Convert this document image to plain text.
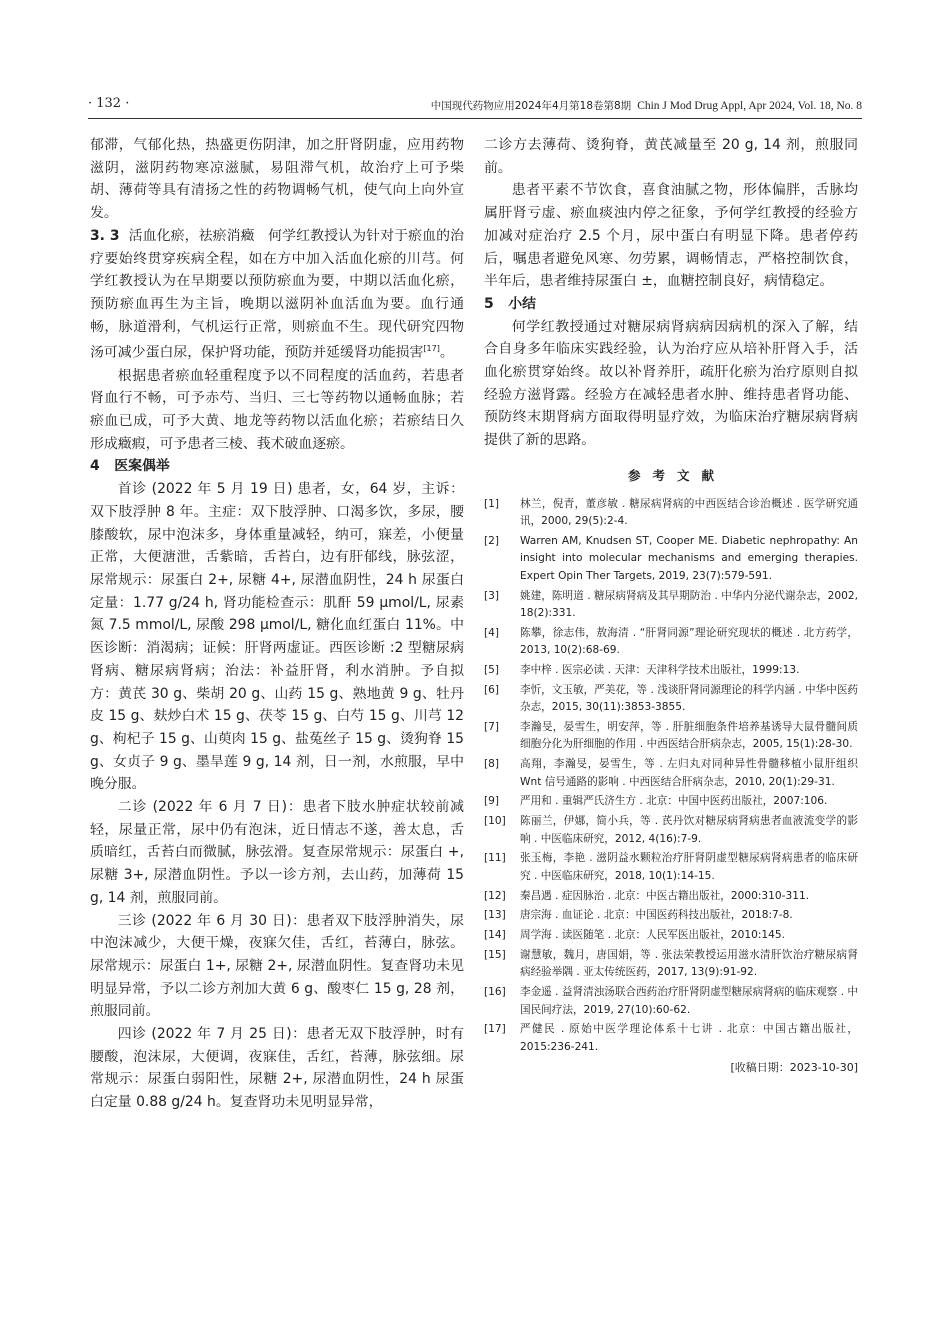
· 132 ·	中国现代药物应用2024年4月第18卷第8期 Chin J Mod Drug Appl, Apr 2024, Vol. 18, No. 8

郁滞，气郁化热，热盛更伤阴津，加之肝肾阴虚，应用药物滋阴，滋阴药物寒凉滋腻，易阻滞气机，故治疗上可予柴胡、薄荷等具有清扬之性的药物调畅气机，使气向上向外宣发。

3. 3 活血化瘀，祛瘀消癥 何学红教授认为针对于瘀血的治疗要始终贯穿疾病全程，如在方中加入活血化瘀的川芎。何学红教授认为在早期要以预防瘀血为要，中期以活血化瘀，预防瘀血再生为主旨，晚期以滋阴补血活血为要。血行通畅，脉道滑利，气机运行正常，则瘀血不生。现代研究四物汤可减少蛋白尿，保护肾功能，预防并延缓肾功能损害[17]。

根据患者瘀血轻重程度予以不同程度的活血药，若患者肾血行不畅，可予赤芍、当归、三七等药物以通畅血脉；若瘀血已成，可予大黄、地龙等药物以活血化瘀；若瘀结日久形成癥瘕，可予患者三棱、莪术破血逐瘀。

4 医案偶举

首诊 (2022 年 5 月 19 日) 患者，女，64 岁，主诉：双下肢浮肿 8 年。主症：双下肢浮肿、口渴多饮，多尿，腰膝酸软，尿中泡沫多，身体重量减轻，纳可，寐差，小便量正常，大便溏泄，舌紫暗，舌苔白，边有肝郁线，脉弦涩，尿常规示：尿蛋白 2+, 尿糖 4+, 尿潜血阴性，24 h 尿蛋白定量：1.77 g/24 h, 肾功能检查示：肌酐 59 μmol/L, 尿素氮 7.5 mmol/L, 尿酸 298 μmol/L, 糖化血红蛋白 11%。中医诊断：消渴病；证候：肝肾两虚证。西医诊断 :2 型糖尿病肾病、糖尿病肾病；治法：补益肝肾，利水消肿。予自拟方：黄芪 30 g、柴胡 20 g、山药 15 g、熟地黄 9 g、牡丹皮 15 g、麸炒白术 15 g、茯苓 15 g、白芍 15 g、川芎 12 g、枸杞子 15 g、山萸肉 15 g、盐菟丝子 15 g、烫狗脊 15 g、女贞子 9 g、墨旱莲 9 g, 14 剂，日一剂，水煎服，早中晚分服。

二诊 (2022 年 6 月 7 日)：患者下肢水肿症状较前减轻，尿量正常，尿中仍有泡沫，近日情志不遂，善太息，舌质暗红，舌苔白而微腻，脉弦滑。复查尿常规示：尿蛋白 +, 尿糖 3+, 尿潜血阴性。予以一诊方剂，去山药，加薄荷 15 g, 14 剂，煎服同前。

三诊 (2022 年 6 月 30 日)：患者双下肢浮肿消失，尿中泡沫减少，大便干燥，夜寐欠佳，舌红，苔薄白，脉弦。尿常规示：尿蛋白 1+, 尿糖 2+, 尿潜血阴性。复查肾功未见明显异常，予以二诊方剂加大黄 6 g、酸枣仁 15 g, 28 剂，煎服同前。

四诊 (2022 年 7 月 25 日)：患者无双下肢浮肿，时有腰酸，泡沫尿，大便调，夜寐佳，舌红，苔薄，脉弦细。尿常规示：尿蛋白弱阳性，尿糖 2+, 尿潜血阴性，24 h 尿蛋白定量 0.88 g/24 h。复查肾功未见明显异常，

二诊方去薄荷、烫狗脊，黄芪减量至 20 g, 14 剂，煎服同前。

患者平素不节饮食，喜食油腻之物，形体偏胖，舌脉均属肝肾亏虚、瘀血痰浊内停之征象，予何学红教授的经验方加减对症治疗 2.5 个月，尿中蛋白有明显下降。患者停药后，嘱患者避免风寒、勿劳累，调畅情志，严格控制饮食，半年后，患者维持尿蛋白 ±，血糖控制良好，病情稳定。

5 小结

何学红教授通过对糖尿病肾病病因病机的深入了解，结合自身多年临床实践经验，认为治疗应从培补肝肾入手，活血化瘀贯穿始终。故以补肾养肝，疏肝化瘀为治疗原则自拟经验方滋肾露。经验方在减轻患者水肿、维持患者肾功能、预防终末期肾病方面取得明显疗效，为临床治疗糖尿病肾病提供了新的思路。

参考文献
[1]	林兰，倪青，董彦敏 . 糖尿病肾病的中西医结合诊治概述 . 医学研究通讯，2000, 29(5):2-4.
[2]	Warren AM, Knudsen ST, Cooper ME. Diabetic nephropathy: An insight into molecular mechanisms and emerging therapies. Expert Opin Ther Targets, 2019, 23(7):579-591.
[3]	姚建，陈明道 . 糖尿病肾病及其早期防治 . 中华内分泌代谢杂志，2002, 18(2):331.
[4]	陈攀，徐志伟，敖海清 . “肝肾同源”理论研究现状的概述 . 北方药学，2013, 10(2):68-69.
[5]	李中梓 . 医宗必读 . 天津：天津科学技术出版社，1999:13.
[6]	李忻，文玉敏，严美花，等 . 浅谈肝肾同源理论的科学内涵 . 中华中医药杂志，2015, 30(11):3853-3855.
[7]	李瀚旻，晏雪生，明安萍，等 . 肝脏细胞条件培养基诱导大鼠骨髓间质细胞分化为肝细胞的作用 . 中西医结合肝病杂志，2005, 15(1):28-30.
[8]	高翔，李瀚旻，晏雪生，等 . 左归丸对同种异性骨髓移植小鼠肝组织 Wnt 信号通路的影响 . 中西医结合肝病杂志，2010, 20(1):29-31.
[9]	严用和 . 重辑严氏济生方 . 北京：中国中医药出版社，2007:106.
[10]	陈丽兰，伊娜，简小兵，等 . 芪丹饮对糖尿病肾病患者血液流变学的影响 . 中医临床研究，2012, 4(16):7-9.
[11]	张玉梅，李艳 . 滋阴益水颗粒治疗肝肾阴虚型糖尿病肾病患者的临床研究 . 中医临床研究，2018, 10(1):14-15.
[12]	秦昌遇 . 症因脉治 . 北京：中医古籍出版社，2000:310-311.
[13]	唐宗海 . 血证论 . 北京：中国医药科技出版社，2018:7-8.
[14]	周学海 . 读医随笔 . 北京：人民军医出版社，2010:145.
[15]	谢慧敏，魏月，唐国娟，等 . 张法荣教授运用滋水清肝饮治疗糖尿病肾病经验举隅 . 亚太传统医药，2017, 13(9):91-92.
[16]	李金遥 . 益肾清浊汤联合西药治疗肝肾阴虚型糖尿病肾病的临床观察 . 中国民间疗法，2019, 27(10):60-62.
[17]	严健民 . 原始中医学理论体系十七讲 . 北京：中国古籍出版社，2015:236-241.
[收稿日期：2023-10-30]
